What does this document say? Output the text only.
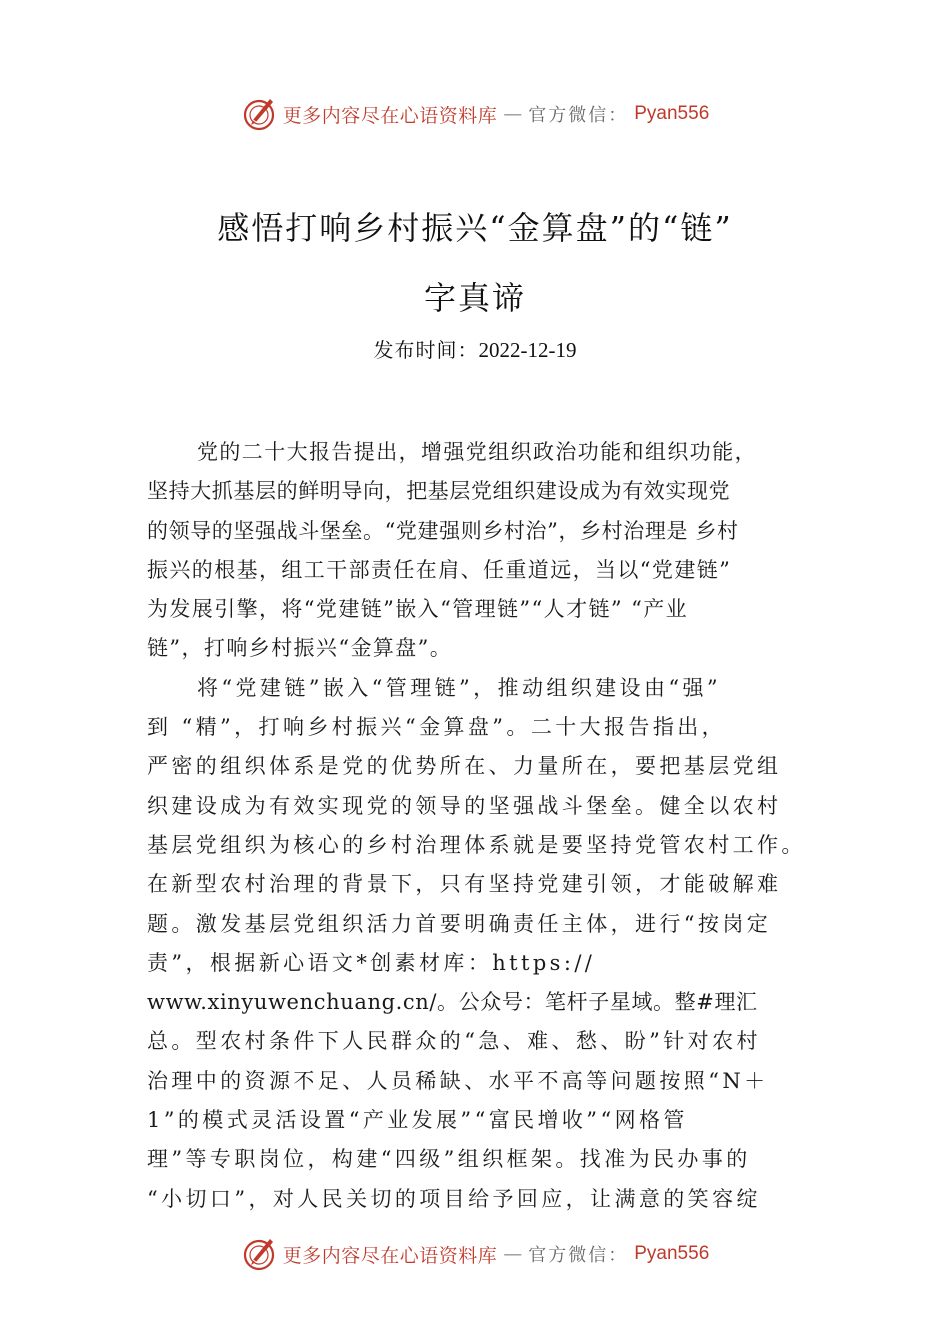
更多内容尽在心语资料库 — 官方微信： Pyan556
感悟打响乡村振兴“金算盘”的“链”
字真谛
发布时间：2022-12-19
党的二十大报告提出，增强党组织政治功能和组织功能，
坚持大抓基层的鲜明导向，把基层党组织建设成为有效实现党
的领导的坚强战斗堡垒。“党建强则乡村治”，乡村治理是 乡村
振兴的根基，组工干部责任在肩、任重道远，当以“党建链”
为发展引擎，将“党建链”嵌入“管理链”“人才链” “产业
链”，打响乡村振兴“金算盘”。
将“党建链”嵌入“管理链”，推动组织建设由“强”
到 “精”，打响乡村振兴“金算盘”。二十大报告指出，
严密的组织体系是党的优势所在、力量所在，要把基层党组
织建设成为有效实现党的领导的坚强战斗堡垒。健全以农村
基层党组织为核心的乡村治理体系就是要坚持党管农村工作。
在新型农村治理的背景下，只有坚持党建引领，才能破解难
题。激发基层党组织活力首要明确责任主体，进行“按岗定
责”，根据新心语文*创素材库：https://
www.xinyuwenchuang.cn/。公众号：笔杆子星域。整#理汇
总。型农村条件下人民群众的“急、难、愁、盼”针对农村
治理中的资源不足、人员稀缺、水平不高等问题按照“N＋
1”的模式灵活设置“产业发展”“富民增收”“网格管
理”等专职岗位，构建“四级”组织框架。找准为民办事的
“小切口”，对人民关切的项目给予回应，让满意的笑容绽
更多内容尽在心语资料库 — 官方微信： Pyan556
